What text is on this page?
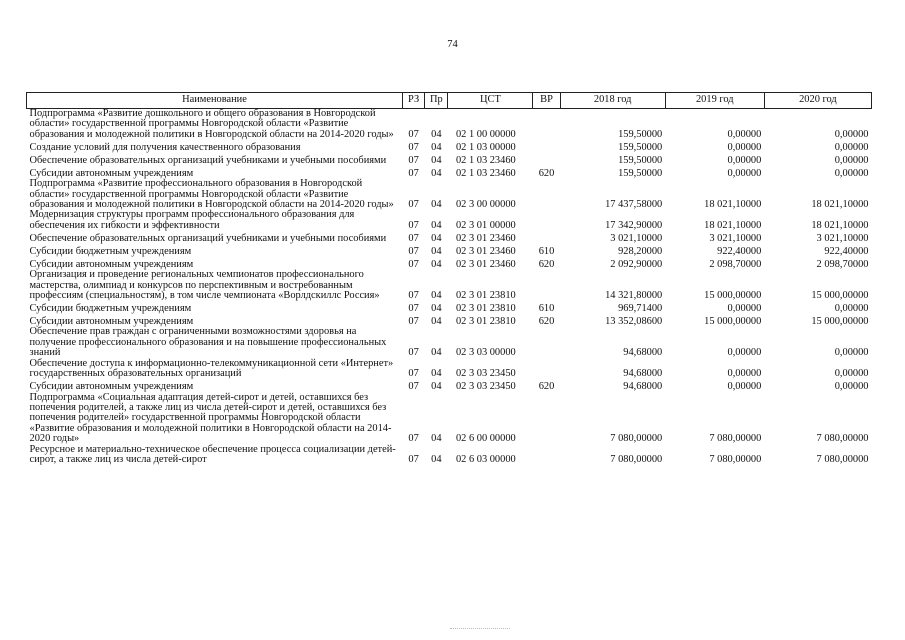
74
Наименование	РЗ	Пр	ЦСТ	ВР	2018 год	2019 год	2020 год
Подпрограмма «Развитие дошкольного и общего образования в Новгородской области» государственной программы Новгородской области «Развитие образования и молодежной политики в Новгородской области на 2014-2020 годы»	07	04	02 1 00 00000		159,50000	0,00000	0,00000
Создание условий для получения качественного образования	07	04	02 1 03 00000		159,50000	0,00000	0,00000
Обеспечение образовательных организаций учебниками и учебными пособиями	07	04	02 1 03 23460		159,50000	0,00000	0,00000
Субсидии автономным учреждениям	07	04	02 1 03 23460	620	159,50000	0,00000	0,00000
Подпрограмма «Развитие профессионального образования в Новгородской области» государственной программы Новгородской области «Развитие образования и молодежной политики в Новгородской области на 2014-2020 годы»	07	04	02 3 00 00000		17 437,58000	18 021,10000	18 021,10000
Модернизация структуры программ профессионального образования для обеспечения их гибкости и эффективности	07	04	02 3 01 00000		17 342,90000	18 021,10000	18 021,10000
Обеспечение образовательных организаций учебниками и учебными пособиями	07	04	02 3 01 23460		3 021,10000	3 021,10000	3 021,10000
Субсидии бюджетным учреждениям	07	04	02 3 01 23460	610	928,20000	922,40000	922,40000
Субсидии автономным учреждениям	07	04	02 3 01 23460	620	2 092,90000	2 098,70000	2 098,70000
Организация и проведение региональных чемпионатов профессионального мастерства, олимпиад и конкурсов по перспективным и востребованным профессиям (специальностям), в том числе чемпионата «Ворлдскиллс Россия»	07	04	02 3 01 23810		14 321,80000	15 000,00000	15 000,00000
Субсидии бюджетным учреждениям	07	04	02 3 01 23810	610	969,71400	0,00000	0,00000
Субсидии автономным учреждениям	07	04	02 3 01 23810	620	13 352,08600	15 000,00000	15 000,00000
Обеспечение прав граждан с ограниченными возможностями здоровья на получение профессионального образования и на повышение профессиональных знаний	07	04	02 3 03 00000		94,68000	0,00000	0,00000
Обеспечение доступа к информационно-телекоммуникационной сети «Интернет» государственных образовательных организаций	07	04	02 3 03 23450		94,68000	0,00000	0,00000
Субсидии автономным учреждениям	07	04	02 3 03 23450	620	94,68000	0,00000	0,00000
Подпрограмма «Социальная адаптация детей-сирот и детей, оставшихся без попечения родителей, а также лиц из числа детей-сирот и детей, оставшихся без попечения родителей» государственной программы Новгородской области «Развитие образования и молодежной политики в Новгородской области на 2014-2020 годы»	07	04	02 6 00 00000		7 080,00000	7 080,00000	7 080,00000
Ресурсное и материально-техническое обеспечение процесса социализации детей-сирот, а также лиц из числа детей-сирот	07	04	02 6 03 00000		7 080,00000	7 080,00000	7 080,00000
